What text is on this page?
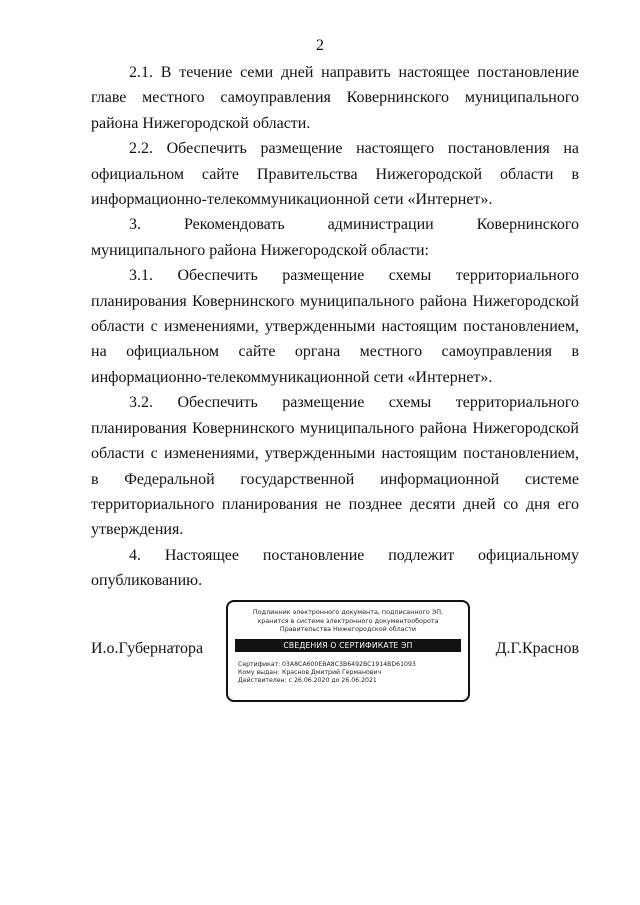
2

2.1. В течение семи дней направить настоящее постановление главе местного самоуправления Ковернинского муниципального района Нижегородской области.

2.2. Обеспечить размещение настоящего постановления на официальном сайте Правительства Нижегородской области в информационно-телекоммуникационной сети «Интернет».

3. Рекомендовать администрации Ковернинского муниципального района Нижегородской области:

3.1. Обеспечить размещение схемы территориального планирования Ковернинского муниципального района Нижегородской области с изменениями, утвержденными настоящим постановлением, на официальном сайте органа местного самоуправления в информационно-телекоммуникационной сети «Интернет».

3.2. Обеспечить размещение схемы территориального планирования Ковернинского муниципального района Нижегородской области с изменениями, утвержденными настоящим постановлением, в Федеральной государственной информационной системе территориального планирования не позднее десяти дней со дня его утверждения.

4. Настоящее постановление подлежит официальному опубликованию.

И.о.Губернатора	Д.Г.Краснов
Подлинник электронного документа, подписанного ЭП,
хранится в системе электронного документооборота
Правительства Нижегородской области
СВЕДЕНИЯ О СЕРТИФИКАТЕ ЭП
Сертификат: 03A8CA600EBA8C3B6492BC1914BD61093
Кому выдан: Краснов Дмитрий Германович
Действителен: с 26.06.2020 до 26.06.2021
